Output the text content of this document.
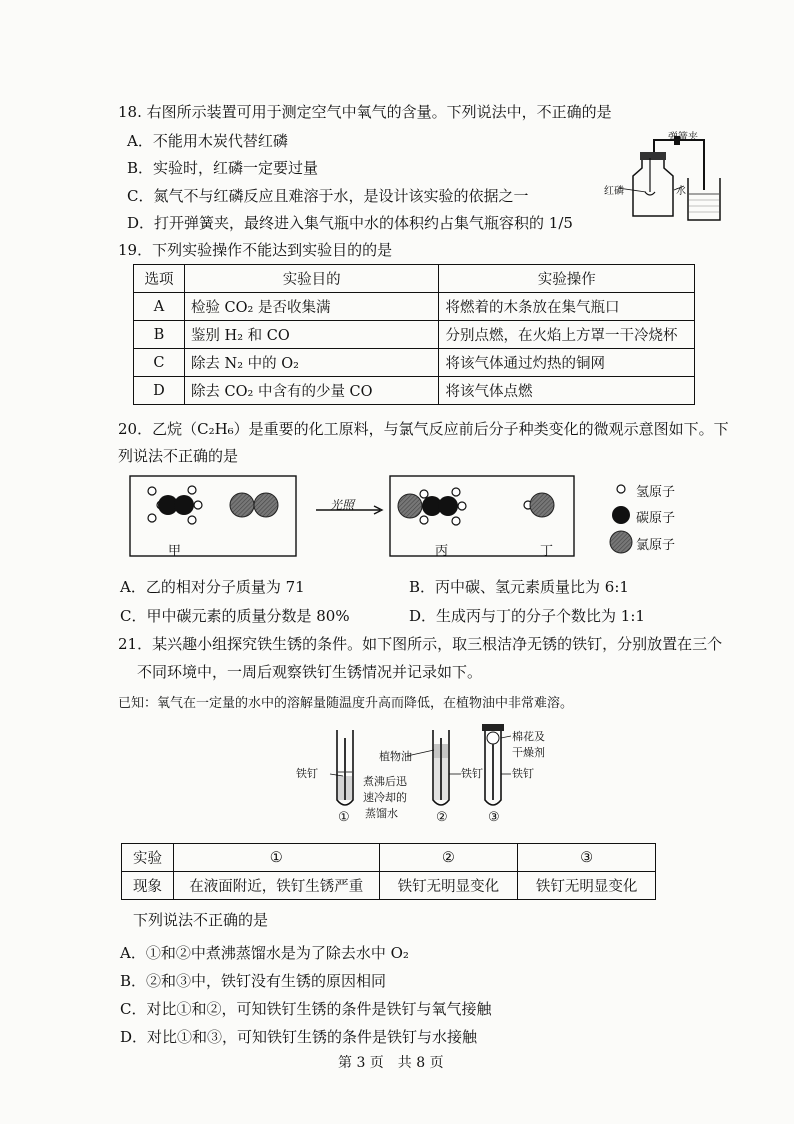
18. 右图所示装置可用于测定空气中氧气的含量。下列说法中，不正确的是
A．不能用木炭代替红磷
B．实验时，红磷一定要过量
C．氮气不与红磷反应且难溶于水，是设计该实验的依据之一
D．打开弹簧夹，最终进入集气瓶中水的体积约占集气瓶容积的 1/5
弹簧夹
红磷	水
19．下列实验操作不能达到实验目的的是
选项	实验目的	实验操作
A	检验 CO₂ 是否收集满	将燃着的木条放在集气瓶口
B	鉴别 H₂ 和 CO	分别点燃，在火焰上方罩一干冷烧杯
C	除去 N₂ 中的 O₂	将该气体通过灼热的铜网
D	除去 CO₂ 中含有的少量 CO	将该气体点燃
20．乙烷（C₂H₆）是重要的化工原料，与氯气反应前后分子种类变化的微观示意图如下。下
列说法不正确的是
光照
甲	丙	丁
氢原子
碳原子
氯原子
A．乙的相对分子质量为 71	B．丙中碳、氢元素质量比为 6:1
C．甲中碳元素的质量分数是 80%	D．生成丙与丁的分子个数比为 1:1
21．某兴趣小组探究铁生锈的条件。如下图所示，取三根洁净无锈的铁钉，分别放置在三个
不同环境中，一周后观察铁钉生锈情况并记录如下。
已知：氧气在一定量的水中的溶解量随温度升高而降低，在植物油中非常难溶。
铁钉
植物油
煮沸后迅
速冷却的
蒸馏水
铁钉
棉花及
干燥剂
铁钉
①	②	③
实验	①	②	③
现象	在液面附近，铁钉生锈严重	铁钉无明显变化	铁钉无明显变化
下列说法不正确的是
A．①和②中煮沸蒸馏水是为了除去水中 O₂
B．②和③中，铁钉没有生锈的原因相同
C．对比①和②，可知铁钉生锈的条件是铁钉与氧气接触
D．对比①和③，可知铁钉生锈的条件是铁钉与水接触
第 3 页　共 8 页
